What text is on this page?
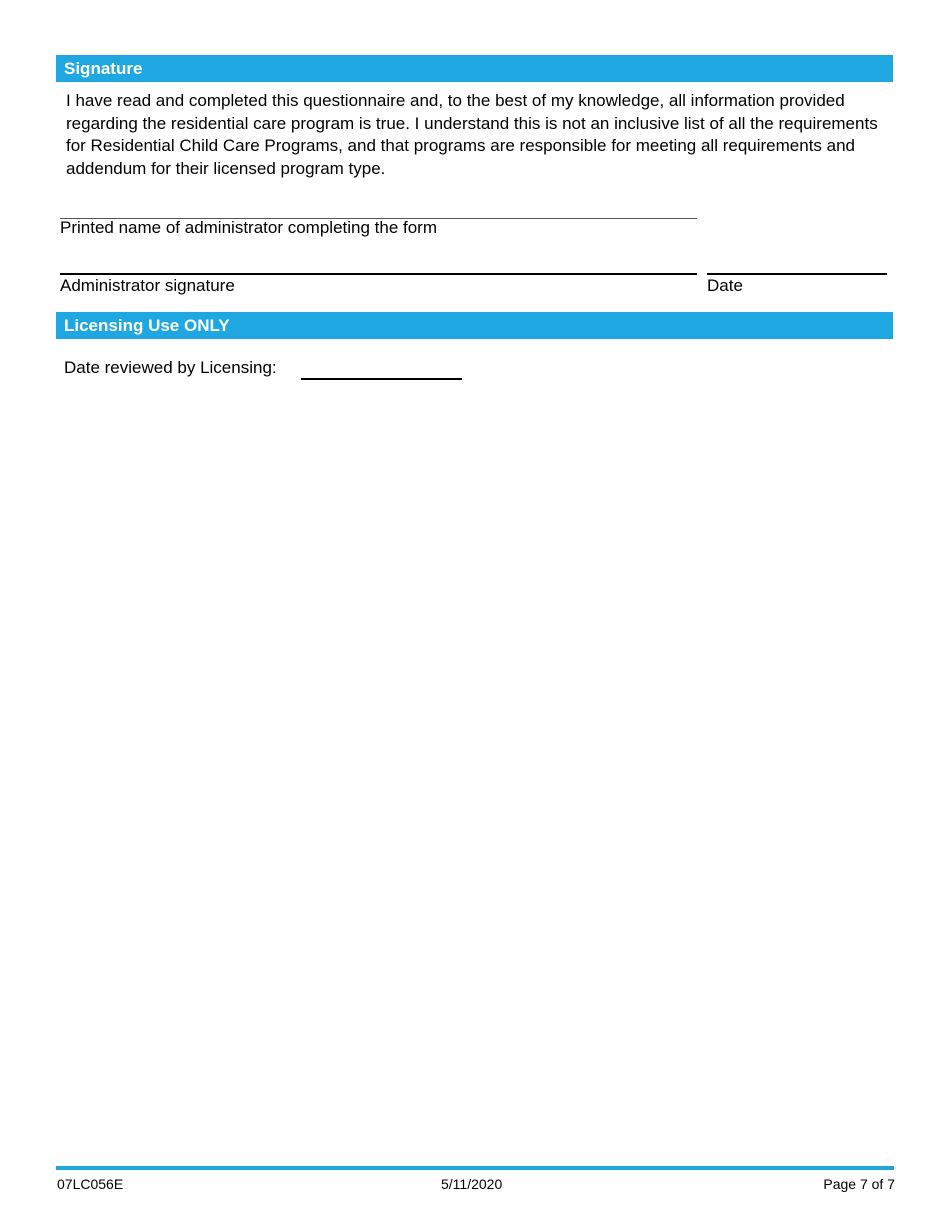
Signature
I have read and completed this questionnaire and, to the best of my knowledge, all information provided regarding the residential care program is true. I understand this is not an inclusive list of all the requirements for Residential Child Care Programs, and that programs are responsible for meeting all requirements and addendum for their licensed program type.
Printed name of administrator completing the form
Administrator signature	Date
Licensing Use ONLY
Date reviewed by Licensing:
07LC056E	5/11/2020	Page 7 of 7
